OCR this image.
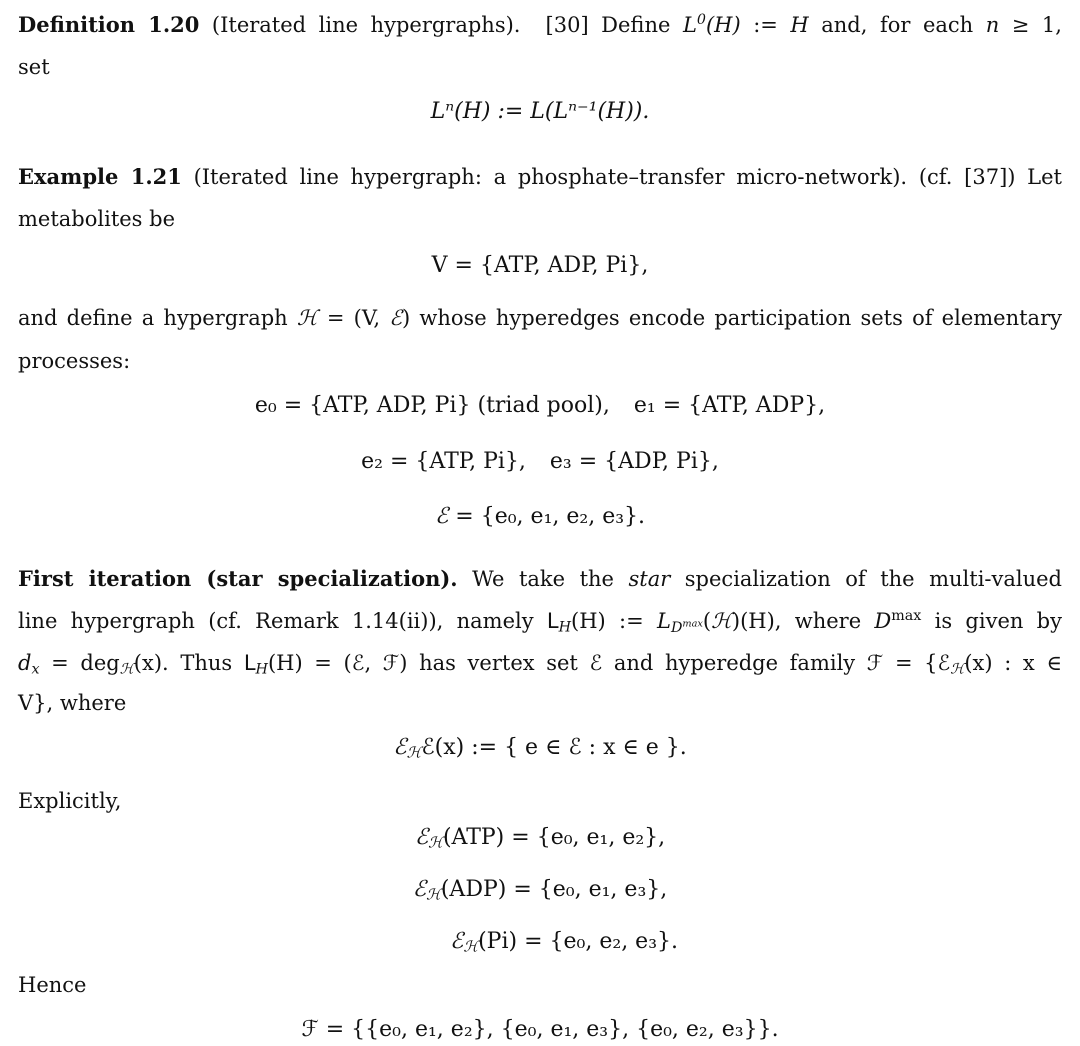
Definition 1.20 (Iterated line hypergraphs). [30] Define $L^0(H)$ := H and, for each n ≥ 1,

set

Lⁿ(H) := L(Lⁿ⁻¹(H)).

Example 1.21 (Iterated line hypergraph: a phosphate–transfer micro-network). (cf. [37]) Let

metabolites be

V = {ATP, ADP, Pi},

and define a hypergraph ℋ = (V, ℰ) whose hyperedges encode participation sets of elementary

processes:

e₀ = {ATP, ADP, Pi} (triad pool), e₁ = {ATP, ADP},

e₂ = {ATP, Pi}, e₃ = {ADP, Pi},

ℰ = {e₀, e₁, e₂, e₃}.

First iteration (star specialization). We take the star specialization of the multi-valued

line hypergraph (cf. Remark 1.14(ii)), namely $L_H(H)$ := $L_{D^{max}}(ℋ)(H)$, where $D^{max}$ is given by

$d_x = deg_ℋ(x)$. Thus $L_H(H)$ = (ℰ, ℱ) has vertex set ℰ and hyperedge family ℱ = {ℰ$_ℋ$(x) : x ∈

V}, where

ℰ$_ℋ$ℰ(x) := { e ∈ ℰ : x ∈ e }.

Explicitly,

ℰ$_ℋ$(ATP) = {e₀, e₁, e₂},

ℰ$_ℋ$(ADP) = {e₀, e₁, e₃},

ℰ$_ℋ$(Pi) = {e₀, e₂, e₃}.

Hence

ℱ = {{e₀, e₁, e₂}, {e₀, e₁, e₃}, {e₀, e₂, e₃}}.
